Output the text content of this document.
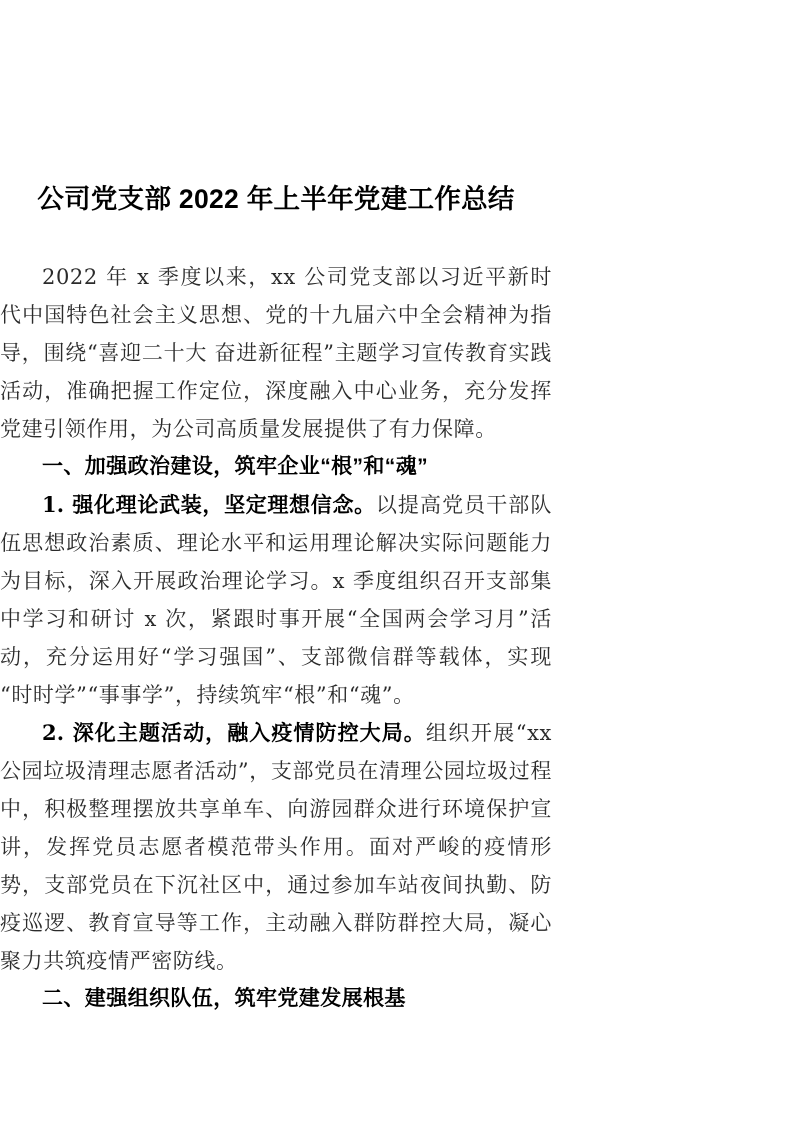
公司党支部 2022 年上半年党建工作总结

2022 年 x 季度以来，xx 公司党支部以习近平新时代中国特色社会主义思想、党的十九届六中全会精神为指导，围绕“喜迎二十大 奋进新征程”主题学习宣传教育实践活动，准确把握工作定位，深度融入中心业务，充分发挥党建引领作用，为公司高质量发展提供了有力保障。

一、加强政治建设，筑牢企业“根”和“魂”

1. 强化理论武装，坚定理想信念。以提高党员干部队伍思想政治素质、理论水平和运用理论解决实际问题能力为目标，深入开展政治理论学习。x 季度组织召开支部集中学习和研讨 x 次，紧跟时事开展“全国两会学习月”活动，充分运用好“学习强国”、支部微信群等载体，实现“时时学”“事事学”，持续筑牢“根”和“魂”。

2. 深化主题活动，融入疫情防控大局。组织开展“xx 公园垃圾清理志愿者活动”，支部党员在清理公园垃圾过程中，积极整理摆放共享单车、向游园群众进行环境保护宣讲，发挥党员志愿者模范带头作用。面对严峻的疫情形势，支部党员在下沉社区中，通过参加车站夜间执勤、防疫巡逻、教育宣导等工作，主动融入群防群控大局，凝心聚力共筑疫情严密防线。

二、建强组织队伍，筑牢党建发展根基
